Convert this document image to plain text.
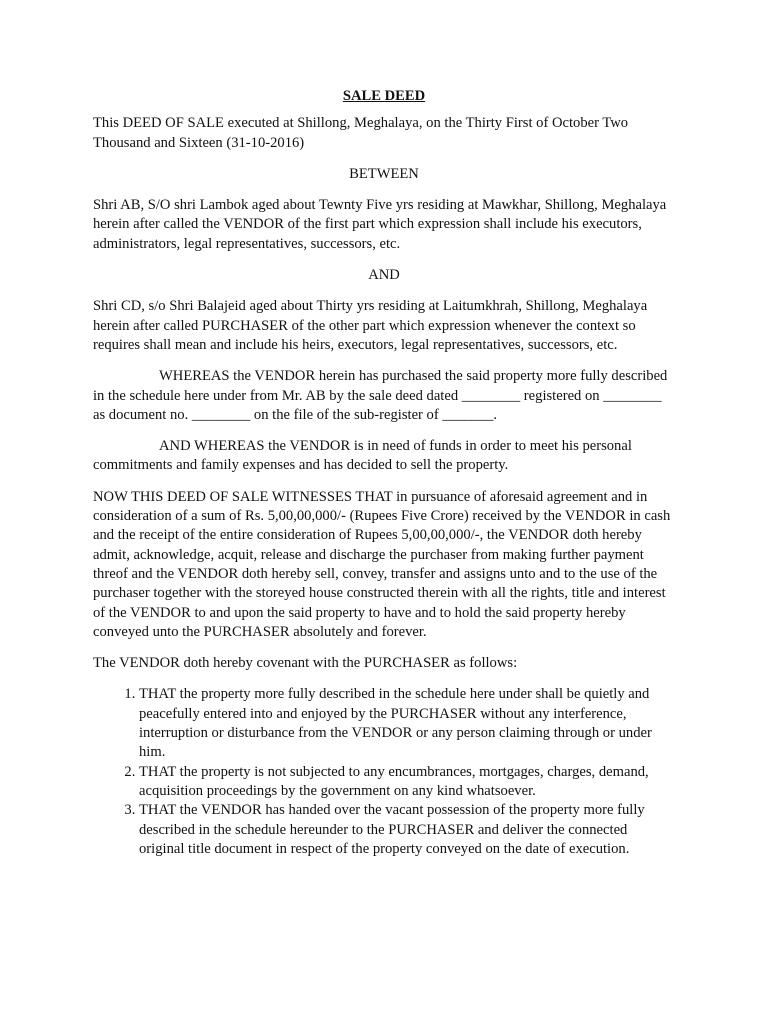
SALE DEED

This DEED OF SALE executed at Shillong, Meghalaya, on the Thirty First of October Two Thousand and Sixteen (31-10-2016)

BETWEEN

Shri AB, S/O shri Lambok aged about Tewnty Five yrs residing at Mawkhar, Shillong, Meghalaya herein after called the VENDOR of the first part which expression shall include his executors, administrators, legal representatives, successors, etc.

AND

Shri CD, s/o Shri Balajeid aged about Thirty yrs residing at Laitumkhrah, Shillong, Meghalaya herein after called PURCHASER of the other part which expression whenever the context so requires shall mean and include his heirs, executors, legal representatives, successors, etc.

WHEREAS the VENDOR herein has purchased the said property more fully described in the schedule here under from Mr. AB by the sale deed dated ________ registered on ________ as document no. ________ on the file of the sub-register of _______.

AND WHEREAS the VENDOR is in need of funds in order to meet his personal commitments and family expenses and has decided to sell the property.

NOW THIS DEED OF SALE WITNESSES THAT in pursuance of aforesaid agreement and in consideration of a sum of Rs. 5,00,00,000/- (Rupees Five Crore) received by the VENDOR in cash and the receipt of the entire consideration of Rupees 5,00,00,000/-, the VENDOR doth hereby admit, acknowledge, acquit, release and discharge the purchaser from making further payment threof and the VENDOR doth hereby sell, convey, transfer and assigns unto and to the use of the purchaser together with the storeyed house constructed therein with all the rights, title and interest of the VENDOR to and upon the said property to have and to hold the said property hereby conveyed unto the PURCHASER absolutely and forever.

The VENDOR doth hereby covenant with the PURCHASER as follows:

1. THAT the property more fully described in the schedule here under shall be quietly and peacefully entered into and enjoyed by the PURCHASER without any interference, interruption or disturbance from the VENDOR or any person claiming through or under him.
2. THAT the property is not subjected to any encumbrances, mortgages, charges, demand, acquisition proceedings by the government on any kind whatsoever.
3. THAT the VENDOR has handed over the vacant possession of the property more fully described in the schedule hereunder to the PURCHASER and deliver the connected original title document in respect of the property conveyed on the date of execution.
